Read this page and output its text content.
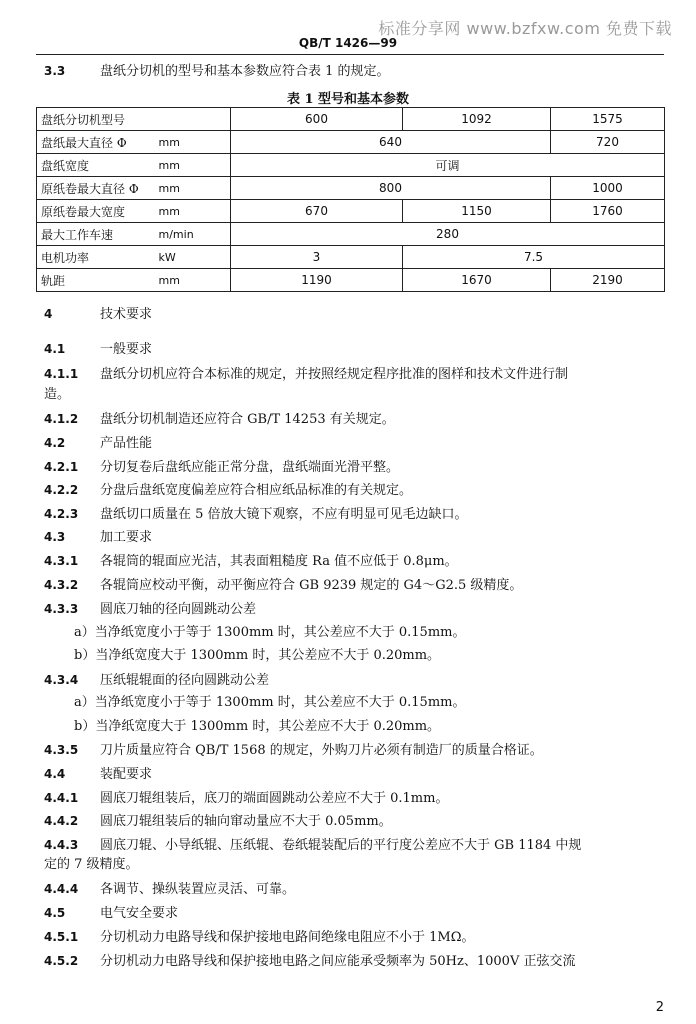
标准分享网 www.bzfxw.com 免费下载
QB/T 1426—99
3.3	盘纸分切机的型号和基本参数应符合表 1 的规定。
表 1 型号和基本参数
盘纸分切机型号		600	1092	1575
盘纸最大直径 Φ	mm	640		720
盘纸宽度	mm	可调		
原纸卷最大直径 Φ	mm	800		1000
原纸卷最大宽度	mm	670	1150	1760
最大工作车速	m/min	280		
电机功率	kW	3	7.5	
轨距	mm	1190	1670	2190
4	技术要求
4.1	一般要求
4.1.1 盘纸分切机应符合本标准的规定，并按照经规定程序批准的图样和技术文件进行制
造。
4.1.2 盘纸分切机制造还应符合 GB/T 14253 有关规定。
4.2	产品性能
4.2.1 分切复卷后盘纸应能正常分盘，盘纸端面光滑平整。
4.2.2 分盘后盘纸宽度偏差应符合相应纸品标准的有关规定。
4.2.3 盘纸切口质量在 5 倍放大镜下观察，不应有明显可见毛边缺口。
4.3	加工要求
4.3.1 各辊筒的辊面应光洁，其表面粗糙度 Ra 值不应低于 0.8μm。
4.3.2 各辊筒应校动平衡，动平衡应符合 GB 9239 规定的 G4～G2.5 级精度。
4.3.3 圆底刀轴的径向圆跳动公差
a）当净纸宽度小于等于 1300mm 时，其公差应不大于 0.15mm。
b）当净纸宽度大于 1300mm 时，其公差应不大于 0.20mm。
4.3.4 压纸辊辊面的径向圆跳动公差
a）当净纸宽度小于等于 1300mm 时，其公差应不大于 0.15mm。
b）当净纸宽度大于 1300mm 时，其公差应不大于 0.20mm。
4.3.5 刀片质量应符合 QB/T 1568 的规定，外购刀片必须有制造厂的质量合格证。
4.4	装配要求
4.4.1 圆底刀辊组装后，底刀的端面圆跳动公差应不大于 0.1mm。
4.4.2 圆底刀辊组装后的轴向窜动量应不大于 0.05mm。
4.4.3 圆底刀辊、小导纸辊、压纸辊、卷纸辊装配后的平行度公差应不大于 GB 1184 中规
定的 7 级精度。
4.4.4 各调节、操纵装置应灵活、可靠。
4.5	电气安全要求
4.5.1 分切机动力电路导线和保护接地电路间绝缘电阻应不小于 1MΩ。
4.5.2 分切机动力电路导线和保护接地电路之间应能承受频率为 50Hz、1000V 正弦交流
2
